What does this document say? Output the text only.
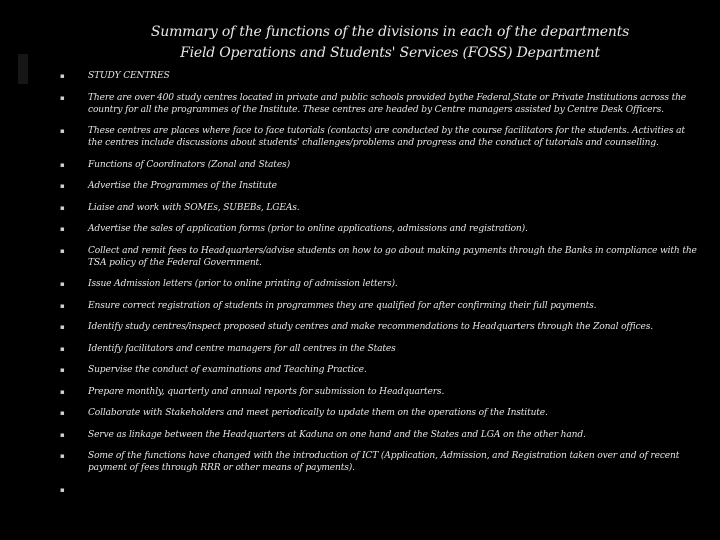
Summary of the functions of the divisions in each of the departments
Field Operations and Students' Services (FOSS) Department
▪	STUDY CENTRES
▪	There are over 400 study centres located in private and public schools provided bythe Federal,State or Private Institutions across the country for all the programmes of the Institute. These centres are headed by Centre managers assisted by Centre Desk Officers.
▪	These centres are places where face to face tutorials (contacts) are conducted by the course facilitators for the students. Activities at the centres include discussions about students' challenges/problems and progress and the conduct of tutorials and counselling.
▪	Functions of Coordinators (Zonal and States)
▪	Advertise the Programmes of the Institute
▪	Liaise and work with SOMEs, SUBEBs, LGEAs.
▪	Advertise the sales of application forms (prior to online applications, admissions and registration).
▪	Collect and remit fees to Headquarters/advise students on how to go about making payments through the Banks in compliance with the TSA policy of the Federal Government.
▪	Issue Admission letters (prior to online printing of admission letters).
▪	Ensure correct registration of students in programmes they are qualified for after confirming their full payments.
▪	Identify study centres/inspect proposed study centres and make recommendations to Headquarters through the Zonal offices.
▪	Identify facilitators and centre managers for all centres in the States
▪	Supervise the conduct of examinations and Teaching Practice.
▪	Prepare monthly, quarterly and annual reports for submission to Headquarters.
▪	Collaborate with Stakeholders and meet periodically to update them on the operations of the Institute.
▪	Serve as linkage between the Headquarters at Kaduna on one hand and the States and LGA on the other hand.
▪	Some of the functions have changed with the introduction of ICT (Application, Admission, and Registration taken over and of recent payment of fees through RRR or other means of payments).
▪
